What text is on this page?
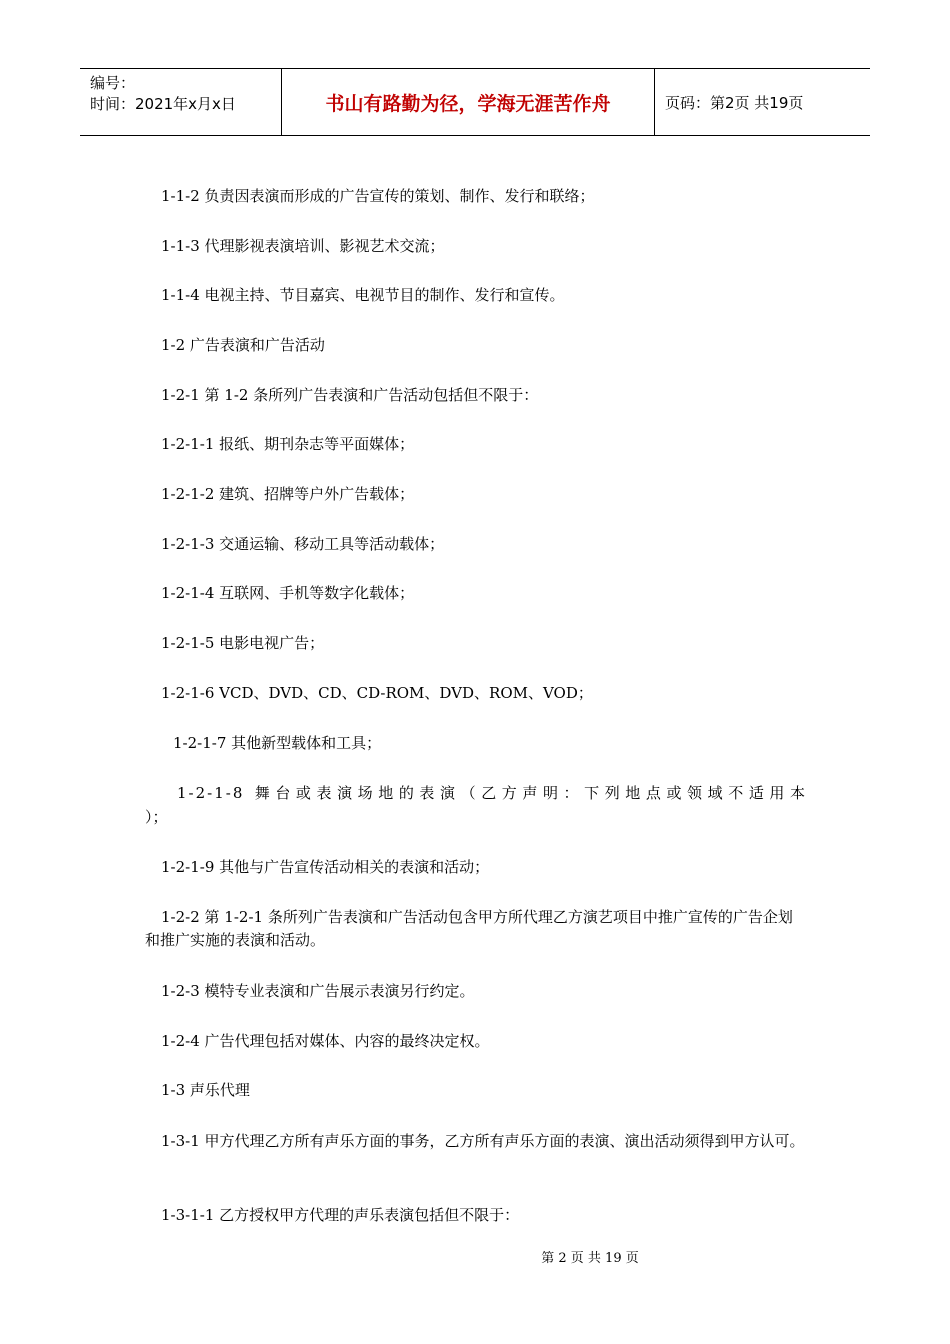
编号：
时间：2021年x月x日	书山有路勤为径，学海无涯苦作舟	页码：第2页 共19页
1-1-2 负责因表演而形成的广告宣传的策划、制作、发行和联络；
1-1-3 代理影视表演培训、影视艺术交流；
1-1-4 电视主持、节目嘉宾、电视节目的制作、发行和宣传。
1-2 广告表演和广告活动
1-2-1 第 1-2 条所列广告表演和广告活动包括但不限于：
1-2-1-1 报纸、期刊杂志等平面媒体；
1-2-1-2 建筑、招牌等户外广告载体；
1-2-1-3 交通运输、移动工具等活动载体；
1-2-1-4 互联网、手机等数字化载体；
1-2-1-5 电影电视广告；
1-2-1-6 VCD、DVD、CD、CD-ROM、DVD、ROM、VOD；
1-2-1-7 其他新型载体和工具；
1-2-1-8 舞台或表演场地的表演（乙方声明：下列地点或领域不适用本
）；
1-2-1-9 其他与广告宣传活动相关的表演和活动；
1-2-2 第 1-2-1 条所列广告表演和广告活动包含甲方所代理乙方演艺项目中推广宣传的广告企划和推广实施的表演和活动。
1-2-3 模特专业表演和广告展示表演另行约定。
1-2-4 广告代理包括对媒体、内容的最终决定权。
1-3 声乐代理
1-3-1 甲方代理乙方所有声乐方面的事务，乙方所有声乐方面的表演、演出活动须得到甲方认可。
1-3-1-1 乙方授权甲方代理的声乐表演包括但不限于：
第 2 页 共 19 页
